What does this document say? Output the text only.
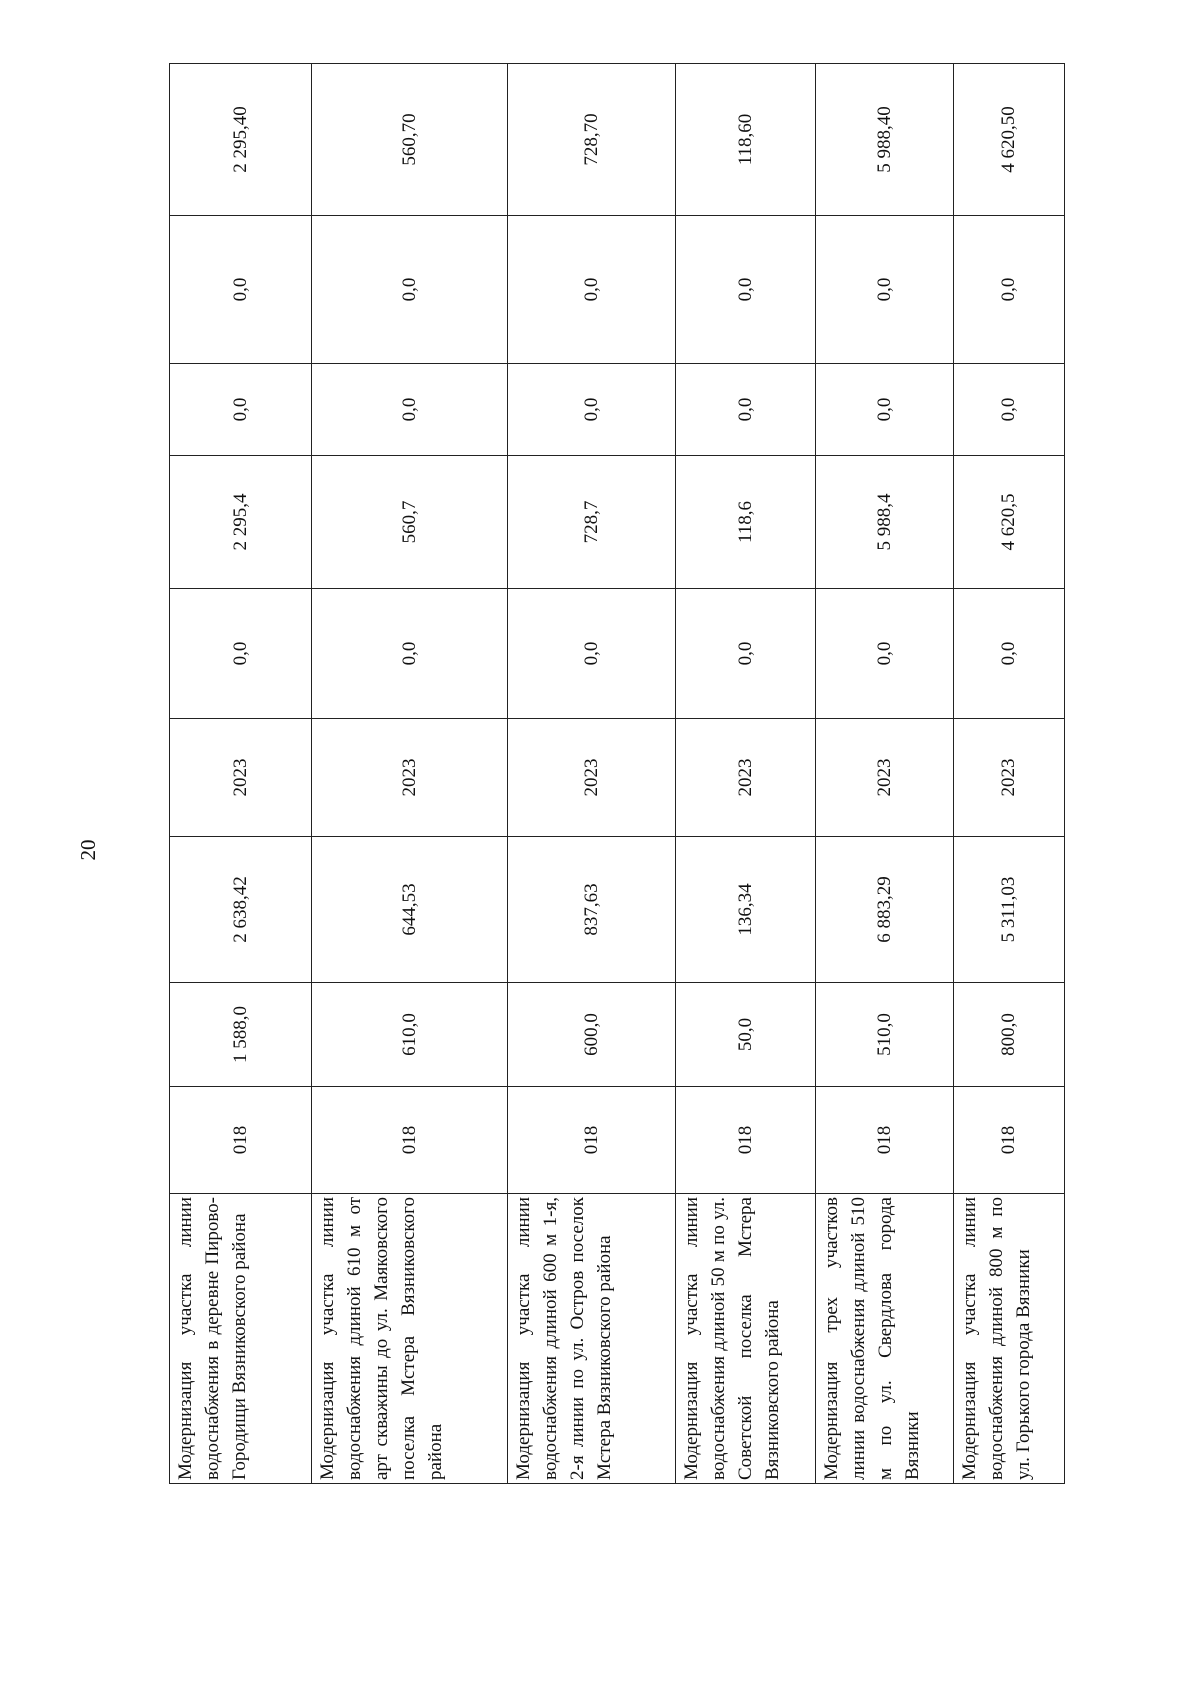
20
Модернизация участка линии водоснабжения в деревне Пирово-Городищи Вязниковского района	018	1 588,0	2 638,42	2023	0,0	2 295,4	0,0	0,0	2 295,40
Модернизация участка линии водоснабжения длиной 610 м от арт скважины до ул. Маяковского поселка Мстера Вязниковского района	018	610,0	644,53	2023	0,0	560,7	0,0	0,0	560,70
Модернизация участка линии водоснабжения длиной 600 м 1-я, 2-я линии по ул. Остров поселок Мстера Вязниковского района	018	600,0	837,63	2023	0,0	728,7	0,0	0,0	728,70
Модернизация участка линии водоснабжения длиной 50 м по ул. Советской поселка Мстера Вязниковского района	018	50,0	136,34	2023	0,0	118,6	0,0	0,0	118,60
Модернизация трех участков линии водоснабжения длиной 510 м по ул. Свердлова города Вязники	018	510,0	6 883,29	2023	0,0	5 988,4	0,0	0,0	5 988,40
Модернизация участка линии водоснабжения длиной 800 м по ул. Горького города Вязники	018	800,0	5 311,03	2023	0,0	4 620,5	0,0	0,0	4 620,50
